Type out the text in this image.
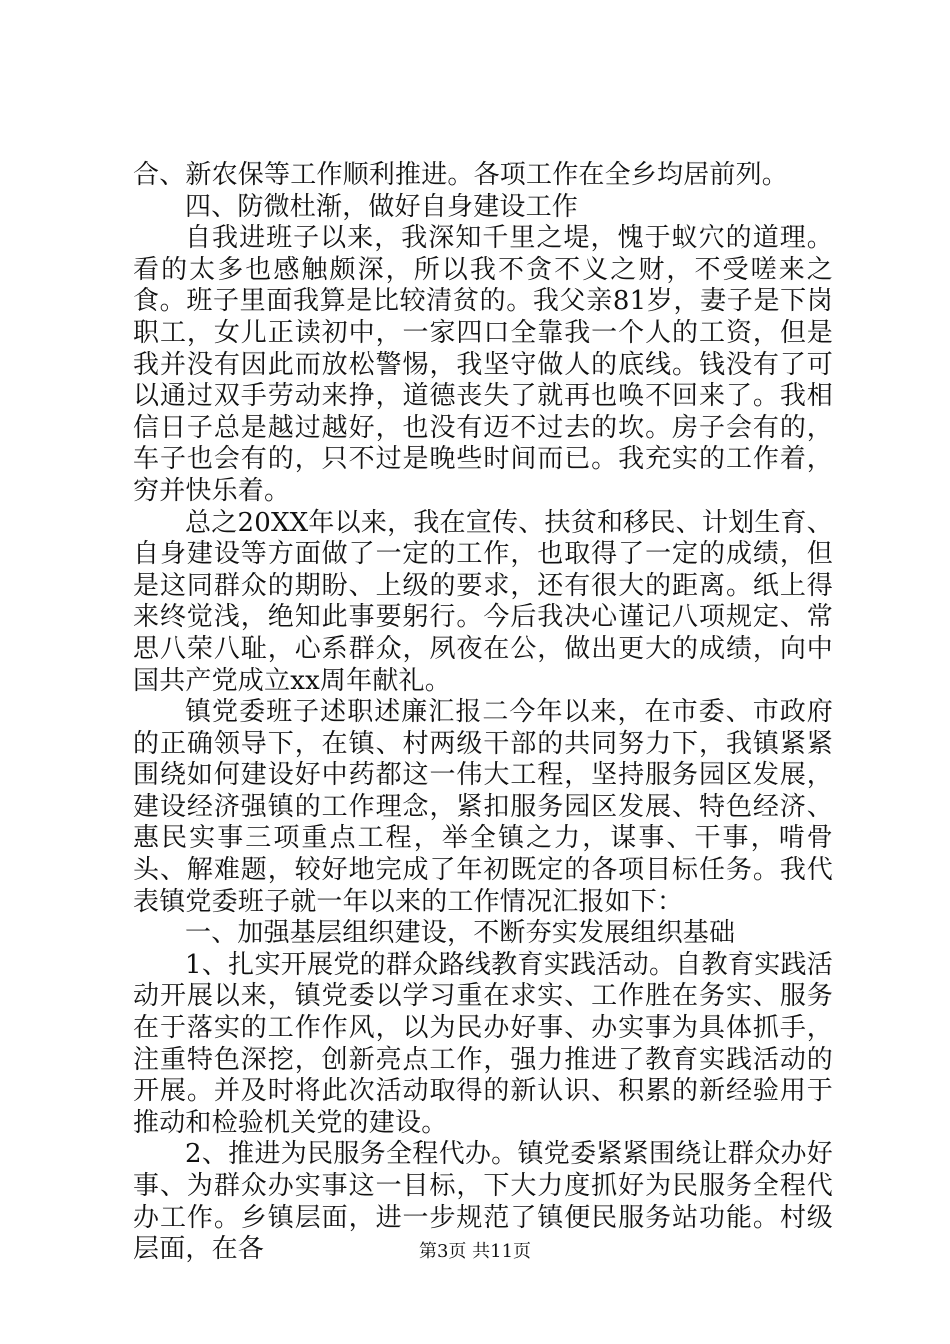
合、新农保等工作顺利推进。各项工作在全乡均居前列。

四、防微杜渐，做好自身建设工作

自我进班子以来，我深知千里之堤，愧于蚁穴的道理。看的太多也感触颇深，所以我不贪不义之财，不受嗟来之食。班子里面我算是比较清贫的。我父亲81岁，妻子是下岗职工，女儿正读初中，一家四口全靠我一个人的工资，但是我并没有因此而放松警惕，我坚守做人的底线。钱没有了可以通过双手劳动来挣，道德丧失了就再也唤不回来了。我相信日子总是越过越好，也没有迈不过去的坎。房子会有的，车子也会有的，只不过是晚些时间而已。我充实的工作着，穷并快乐着。

总之20XX年以来，我在宣传、扶贫和移民、计划生育、自身建设等方面做了一定的工作，也取得了一定的成绩，但是这同群众的期盼、上级的要求，还有很大的距离。纸上得来终觉浅，绝知此事要躬行。今后我决心谨记八项规定、常思八荣八耻，心系群众，夙夜在公，做出更大的成绩，向中国共产党成立xx周年献礼。

镇党委班子述职述廉汇报二今年以来，在市委、市政府的正确领导下，在镇、村两级干部的共同努力下，我镇紧紧围绕如何建设好中药都这一伟大工程，坚持服务园区发展，建设经济强镇的工作理念，紧扣服务园区发展、特色经济、惠民实事三项重点工程，举全镇之力，谋事、干事，啃骨头、解难题，较好地完成了年初既定的各项目标任务。我代表镇党委班子就一年以来的工作情况汇报如下：

一、加强基层组织建设，不断夯实发展组织基础

1、扎实开展党的群众路线教育实践活动。自教育实践活动开展以来，镇党委以学习重在求实、工作胜在务实、服务在于落实的工作作风，以为民办好事、办实事为具体抓手，注重特色深挖，创新亮点工作，强力推进了教育实践活动的开展。并及时将此次活动取得的新认识、积累的新经验用于推动和检验机关党的建设。

2、推进为民服务全程代办。镇党委紧紧围绕让群众办好事、为群众办实事这一目标，下大力度抓好为民服务全程代办工作。乡镇层面，进一步规范了镇便民服务站功能。村级层面，在各	第3页 共11页
